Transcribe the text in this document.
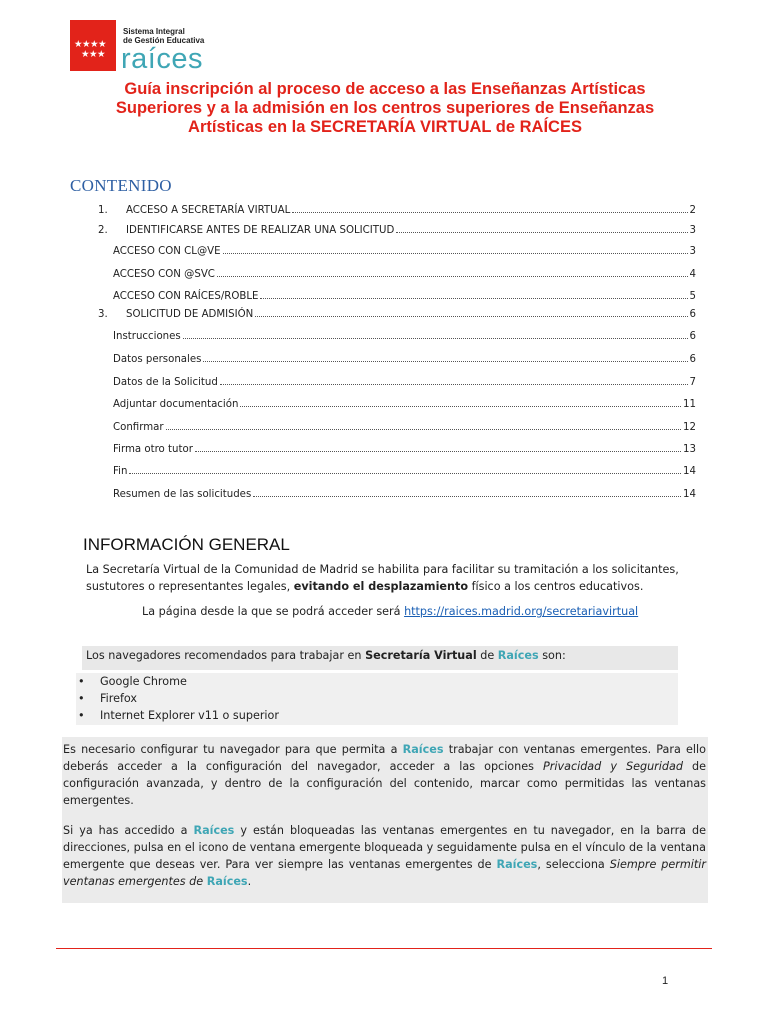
★★★★
★★★
Sistema Integral
de Gestión Educativa
raíces
Guía inscripción al proceso de acceso a las Enseñanzas Artísticas
Superiores y a la admisión en los centros superiores de Enseñanzas
Artísticas en la SECRETARÍA VIRTUAL de RAÍCES
CONTENIDO
1.	ACCESO A SECRETARÍA VIRTUAL	2
2.	IDENTIFICARSE ANTES DE REALIZAR UNA SOLICITUD	3
ACCESO CON CL@VE	3
ACCESO CON @SVC	4
ACCESO CON RAÍCES/ROBLE	5
3.	SOLICITUD DE ADMISIÓN	6
Instrucciones	6
Datos personales	6
Datos de la Solicitud	7
Adjuntar documentación	11
Confirmar	12
Firma otro tutor	13
Fin	14
Resumen de las solicitudes	14
INFORMACIÓN GENERAL
La Secretaría Virtual de la Comunidad de Madrid se habilita para facilitar su tramitación a los solicitantes,
sustutores o representantes legales, evitando el desplazamiento físico a los centros educativos.
La página desde la que se podrá acceder será https://raices.madrid.org/secretariavirtual
Los navegadores recomendados para trabajar en Secretaría Virtual de Raíces son:
• Google Chrome
• Firefox
• Internet Explorer v11 o superior
Es necesario configurar tu navegador para que permita a Raíces trabajar con ventanas emergentes. Para ello deberás acceder a la configuración del navegador, acceder a las opciones Privacidad y Seguridad de configuración avanzada, y dentro de la configuración del contenido, marcar como permitidas las ventanas emergentes.
Si ya has accedido a Raíces y están bloqueadas las ventanas emergentes en tu navegador, en la barra de direcciones, pulsa en el icono de ventana emergente bloqueada y seguidamente pulsa en el vínculo de la ventana emergente que deseas ver. Para ver siempre las ventanas emergentes de Raíces, selecciona Siempre permitir ventanas emergentes de Raíces.
1
